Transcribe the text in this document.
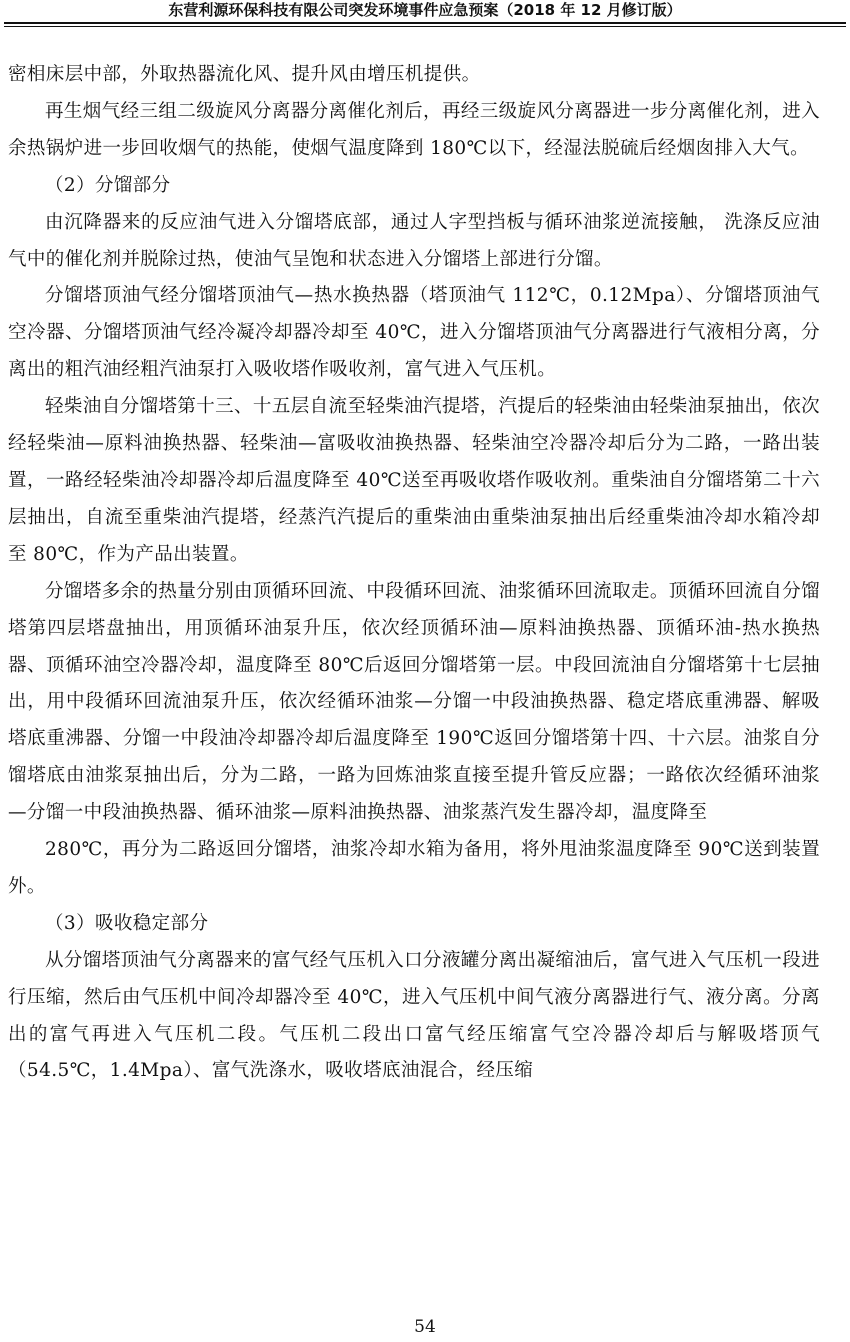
东营利源环保科技有限公司突发环境事件应急预案（2018 年 12 月修订版）

密相床层中部，外取热器流化风、提升风由增压机提供。

再生烟气经三组二级旋风分离器分离催化剂后，再经三级旋风分离器进一步分离催化剂，进入余热锅炉进一步回收烟气的热能，使烟气温度降到 180℃以下，经湿法脱硫后经烟囱排入大气。

（2）分馏部分

由沉降器来的反应油气进入分馏塔底部，通过人字型挡板与循环油浆逆流接触， 洗涤反应油气中的催化剂并脱除过热，使油气呈饱和状态进入分馏塔上部进行分馏。

分馏塔顶油气经分馏塔顶油气—热水换热器（塔顶油气 112℃，0.12Mpa）、分馏塔顶油气空冷器、分馏塔顶油气经冷凝冷却器冷却至 40℃，进入分馏塔顶油气分离器进行气液相分离，分离出的粗汽油经粗汽油泵打入吸收塔作吸收剂，富气进入气压机。

轻柴油自分馏塔第十三、十五层自流至轻柴油汽提塔，汽提后的轻柴油由轻柴油泵抽出，依次经轻柴油—原料油换热器、轻柴油—富吸收油换热器、轻柴油空冷器冷却后分为二路，一路出装置，一路经轻柴油冷却器冷却后温度降至 40℃送至再吸收塔作吸收剂。重柴油自分馏塔第二十六层抽出，自流至重柴油汽提塔，经蒸汽汽提后的重柴油由重柴油泵抽出后经重柴油冷却水箱冷却至 80℃，作为产品出装置。

分馏塔多余的热量分别由顶循环回流、中段循环回流、油浆循环回流取走。顶循环回流自分馏塔第四层塔盘抽出，用顶循环油泵升压，依次经顶循环油—原料油换热器、顶循环油-热水换热器、顶循环油空冷器冷却，温度降至 80℃后返回分馏塔第一层。中段回流油自分馏塔第十七层抽出，用中段循环回流油泵升压，依次经循环油浆—分馏一中段油换热器、稳定塔底重沸器、解吸塔底重沸器、分馏一中段油冷却器冷却后温度降至 190℃返回分馏塔第十四、十六层。油浆自分馏塔底由油浆泵抽出后，分为二路，一路为回炼油浆直接至提升管反应器；一路依次经循环油浆—分馏一中段油换热器、循环油浆—原料油换热器、油浆蒸汽发生器冷却，温度降至

280℃，再分为二路返回分馏塔，油浆冷却水箱为备用，将外甩油浆温度降至 90℃送到装置外。

（3）吸收稳定部分

从分馏塔顶油气分离器来的富气经气压机入口分液罐分离出凝缩油后，富气进入气压机一段进行压缩，然后由气压机中间冷却器冷至 40℃，进入气压机中间气液分离器进行气、液分离。分离出的富气再进入气压机二段。气压机二段出口富气经压缩富气空冷器冷却后与解吸塔顶气（54.5℃，1.4Mpa）、富气洗涤水，吸收塔底油混合，经压缩

54
